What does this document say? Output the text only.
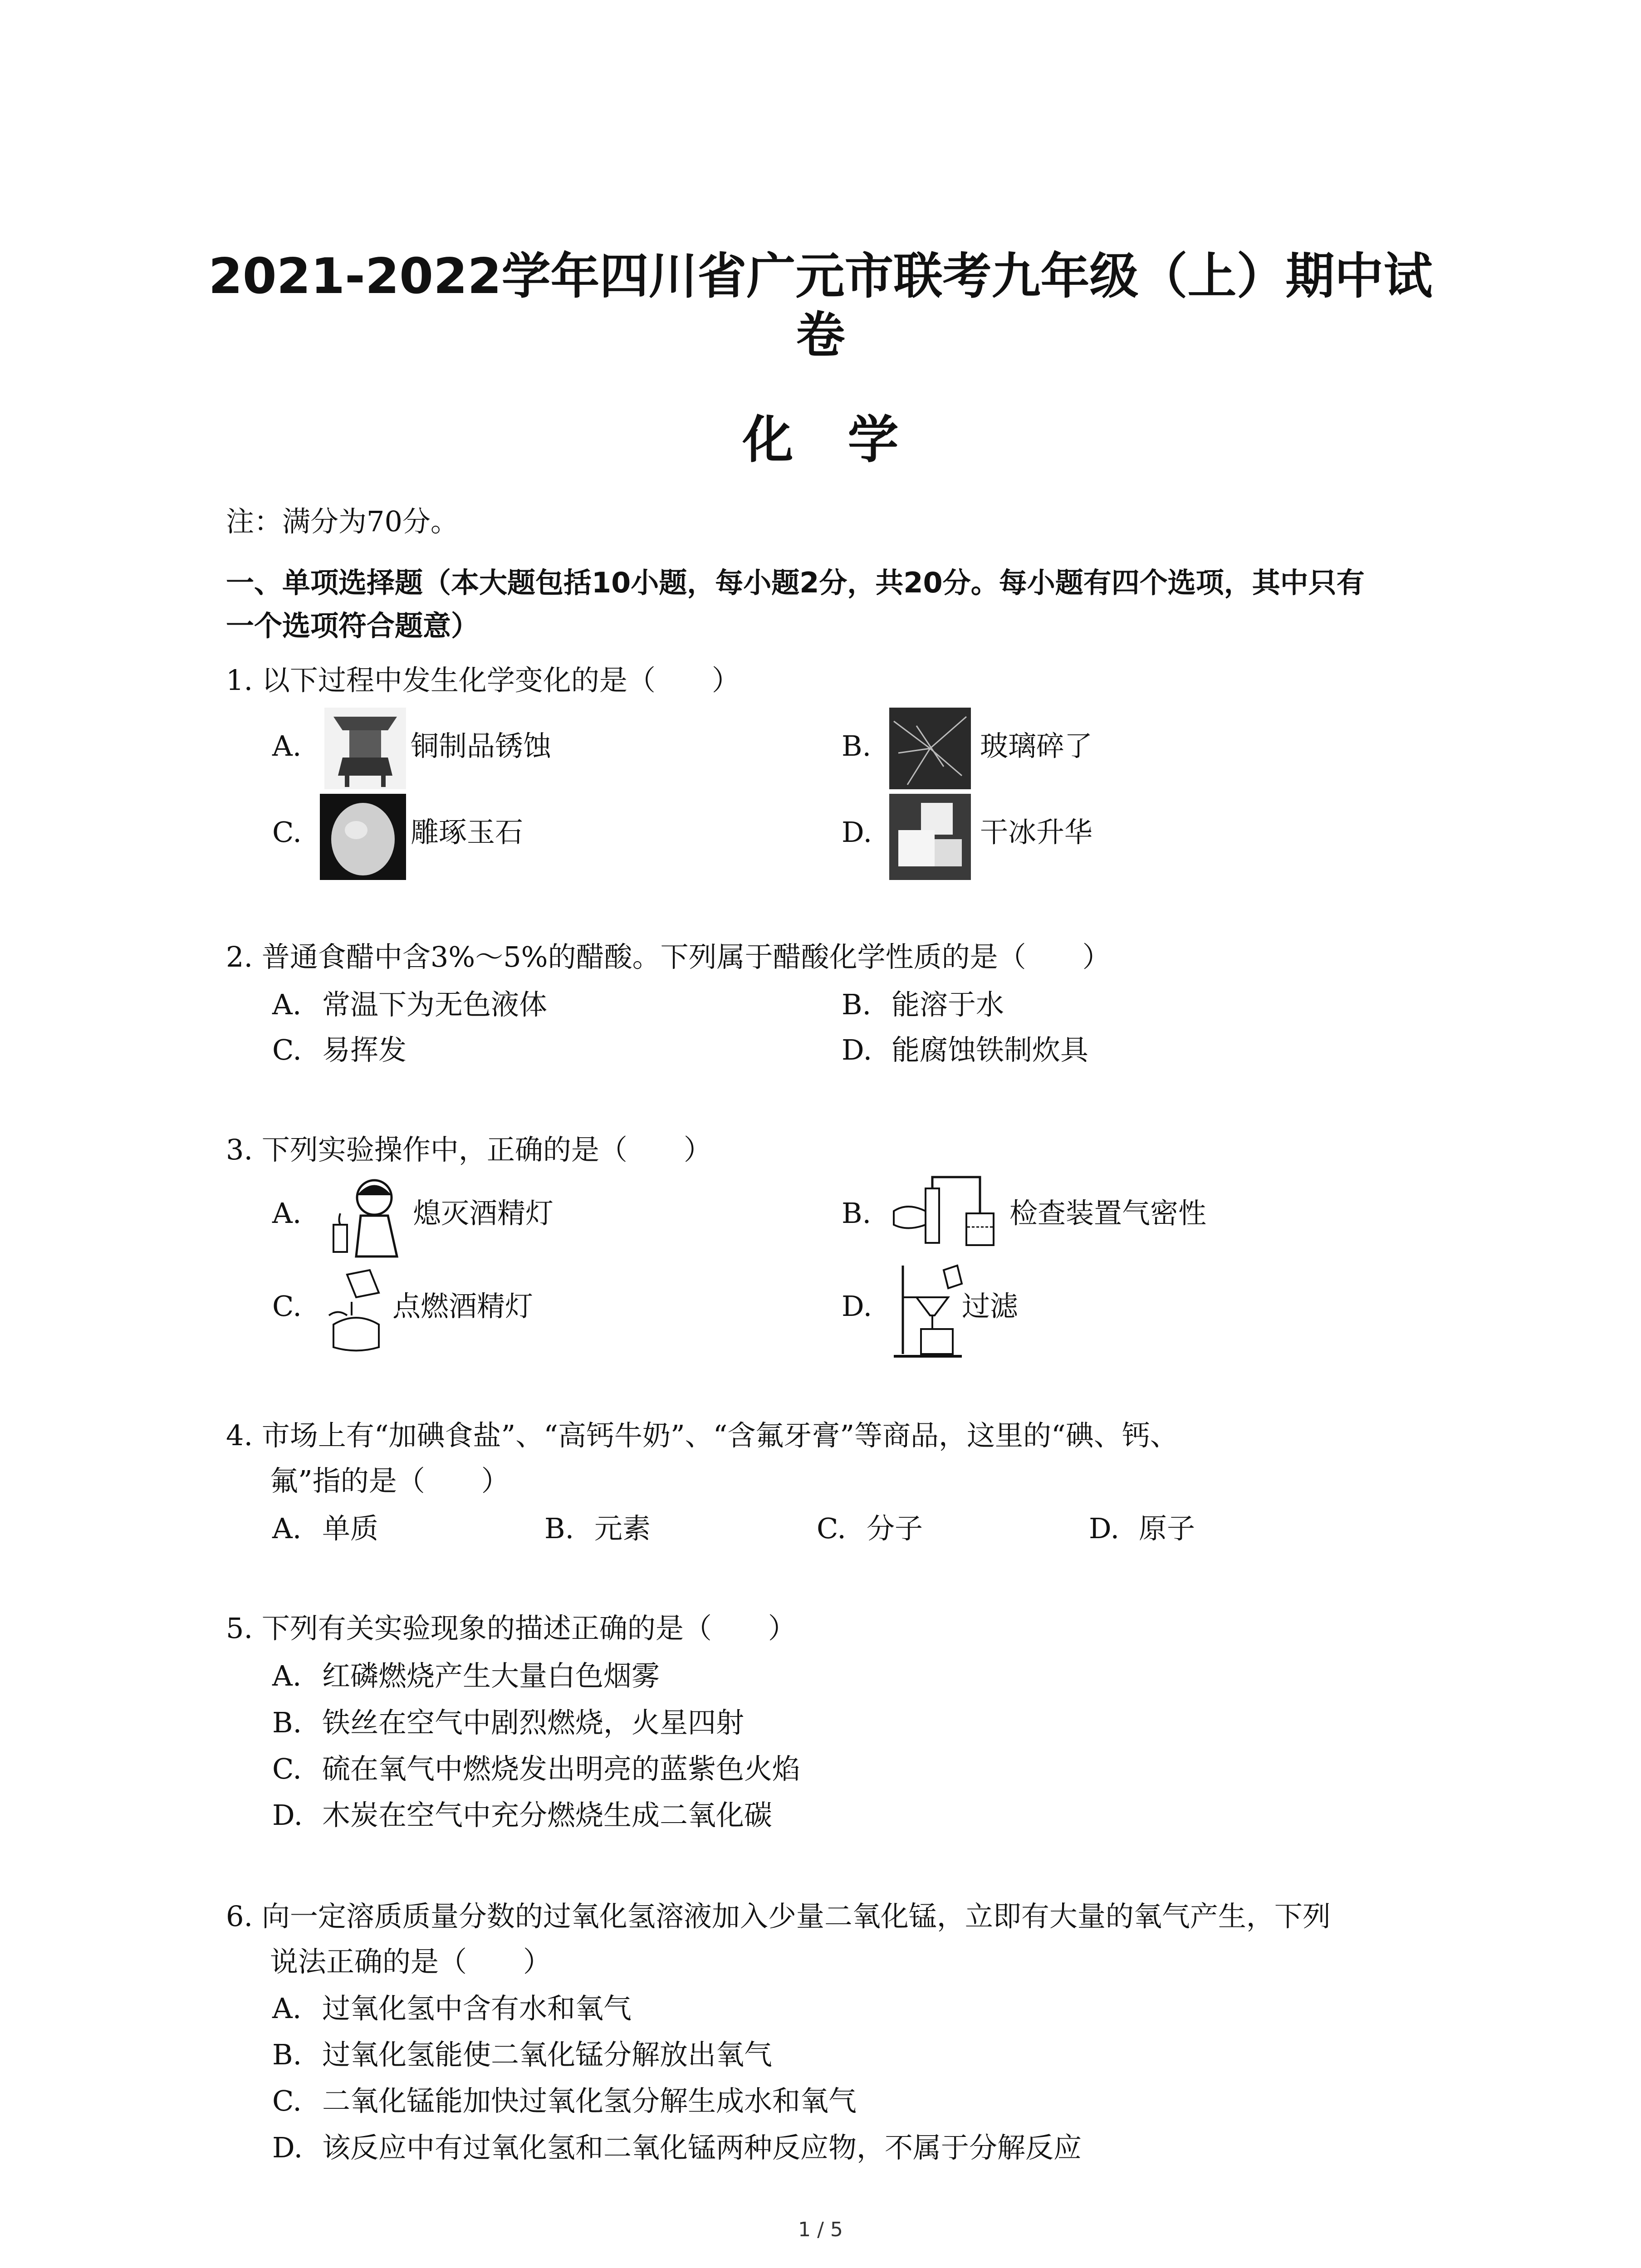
2021-2022学年四川省广元市联考九年级（上）期中试
卷
化学
注：满分为70分。
一、单项选择题（本大题包括10小题，每小题2分，共20分。每小题有四个选项，其中只有
一个选项符合题意）
1. 以下过程中发生化学变化的是（　　）
A.	铜制品锈蚀	B.	玻璃碎了
C.	雕琢玉石	D.	干冰升华
2. 普通食醋中含3%～5%的醋酸。下列属于醋酸化学性质的是（　　）
A. 常温下为无色液体	B. 能溶于水
C. 易挥发	D. 能腐蚀铁制炊具
3. 下列实验操作中，正确的是（　　）
A.	熄灭酒精灯	B.	检查装置气密性
C.	点燃酒精灯	D.	过滤
4. 市场上有“加碘食盐”、“高钙牛奶”、“含氟牙膏”等商品，这里的“碘、钙、
氟”指的是（　　）
A. 单质	B. 元素	C. 分子	D. 原子
5. 下列有关实验现象的描述正确的是（　　）
A. 红磷燃烧产生大量白色烟雾
B. 铁丝在空气中剧烈燃烧，火星四射
C. 硫在氧气中燃烧发出明亮的蓝紫色火焰
D. 木炭在空气中充分燃烧生成二氧化碳
6. 向一定溶质质量分数的过氧化氢溶液加入少量二氧化锰，立即有大量的氧气产生，下列
说法正确的是（　　）
A. 过氧化氢中含有水和氧气
B. 过氧化氢能使二氧化锰分解放出氧气
C. 二氧化锰能加快过氧化氢分解生成水和氧气
D. 该反应中有过氧化氢和二氧化锰两种反应物，不属于分解反应
1 / 5
